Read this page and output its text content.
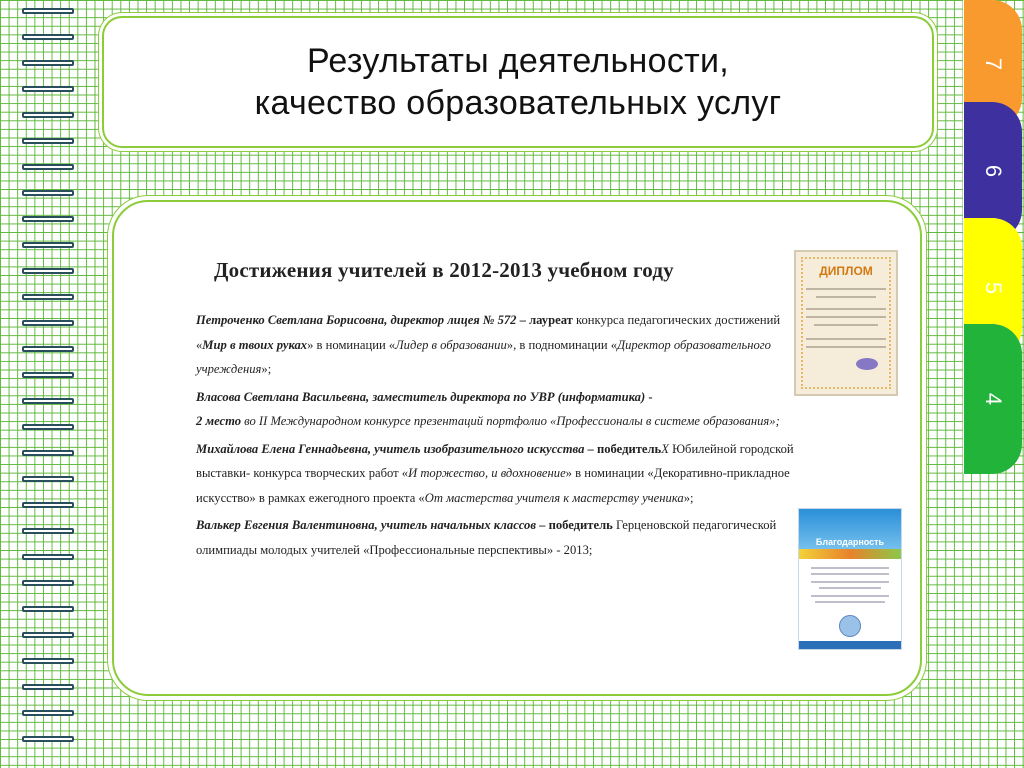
Результаты деятельности,
качество образовательных услуг
7
6
5
4
Достижения учителей в 2012-2013 учебном году
Петроченко Светлана Борисовна, директор лицея № 572 – лауреат конкурса педагогических достижений «Мир в твоих руках» в номинации «Лидер в образовании», в подноминации «Директор образовательного учреждения»;
Власова Светлана Васильевна, заместитель директора по УВР (информатика) -
2 место во II Международном конкурсе презентаций портфолио «Профессионалы в системе образования»;
Михайлова Елена Геннадьевна, учитель изобразительного искусства – победительХ Юбилейной городской выставки- конкурса творческих работ «И торжество, и вдохновение» в номинации «Декоративно-прикладное искусство» в рамках ежегодного проекта «От мастерства учителя к мастерству ученика»;
Валькер Евгения Валентиновна, учитель начальных классов – победитель Герценовской педагогической олимпиады молодых учителей «Профессиональные перспективы» - 2013;
ДИПЛОМ
Благодарность
